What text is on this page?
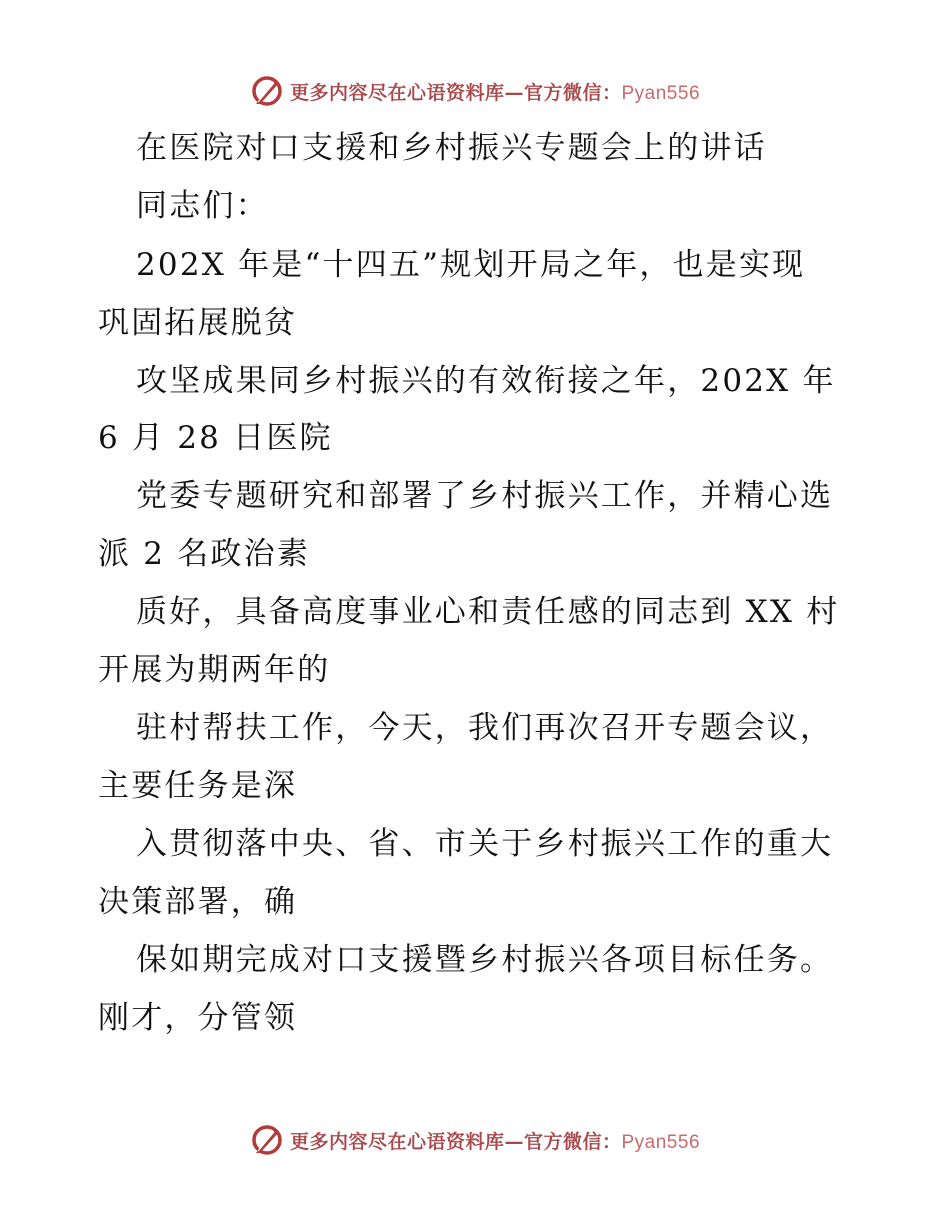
更多内容尽在心语资料库—官方微信：Pyan556
在医院对口支援和乡村振兴专题会上的讲话
同志们：
202X 年是“十四五”规划开局之年，也是实现
巩固拓展脱贫
攻坚成果同乡村振兴的有效衔接之年，202X 年
6 月 28 日医院
党委专题研究和部署了乡村振兴工作，并精心选
派 2 名政治素
质好，具备高度事业心和责任感的同志到 XX 村
开展为期两年的
驻村帮扶工作，今天，我们再次召开专题会议，
主要任务是深
入贯彻落中央、省、市关于乡村振兴工作的重大
决策部署，确
保如期完成对口支援暨乡村振兴各项目标任务。
刚才，分管领
更多内容尽在心语资料库—官方微信：Pyan556
